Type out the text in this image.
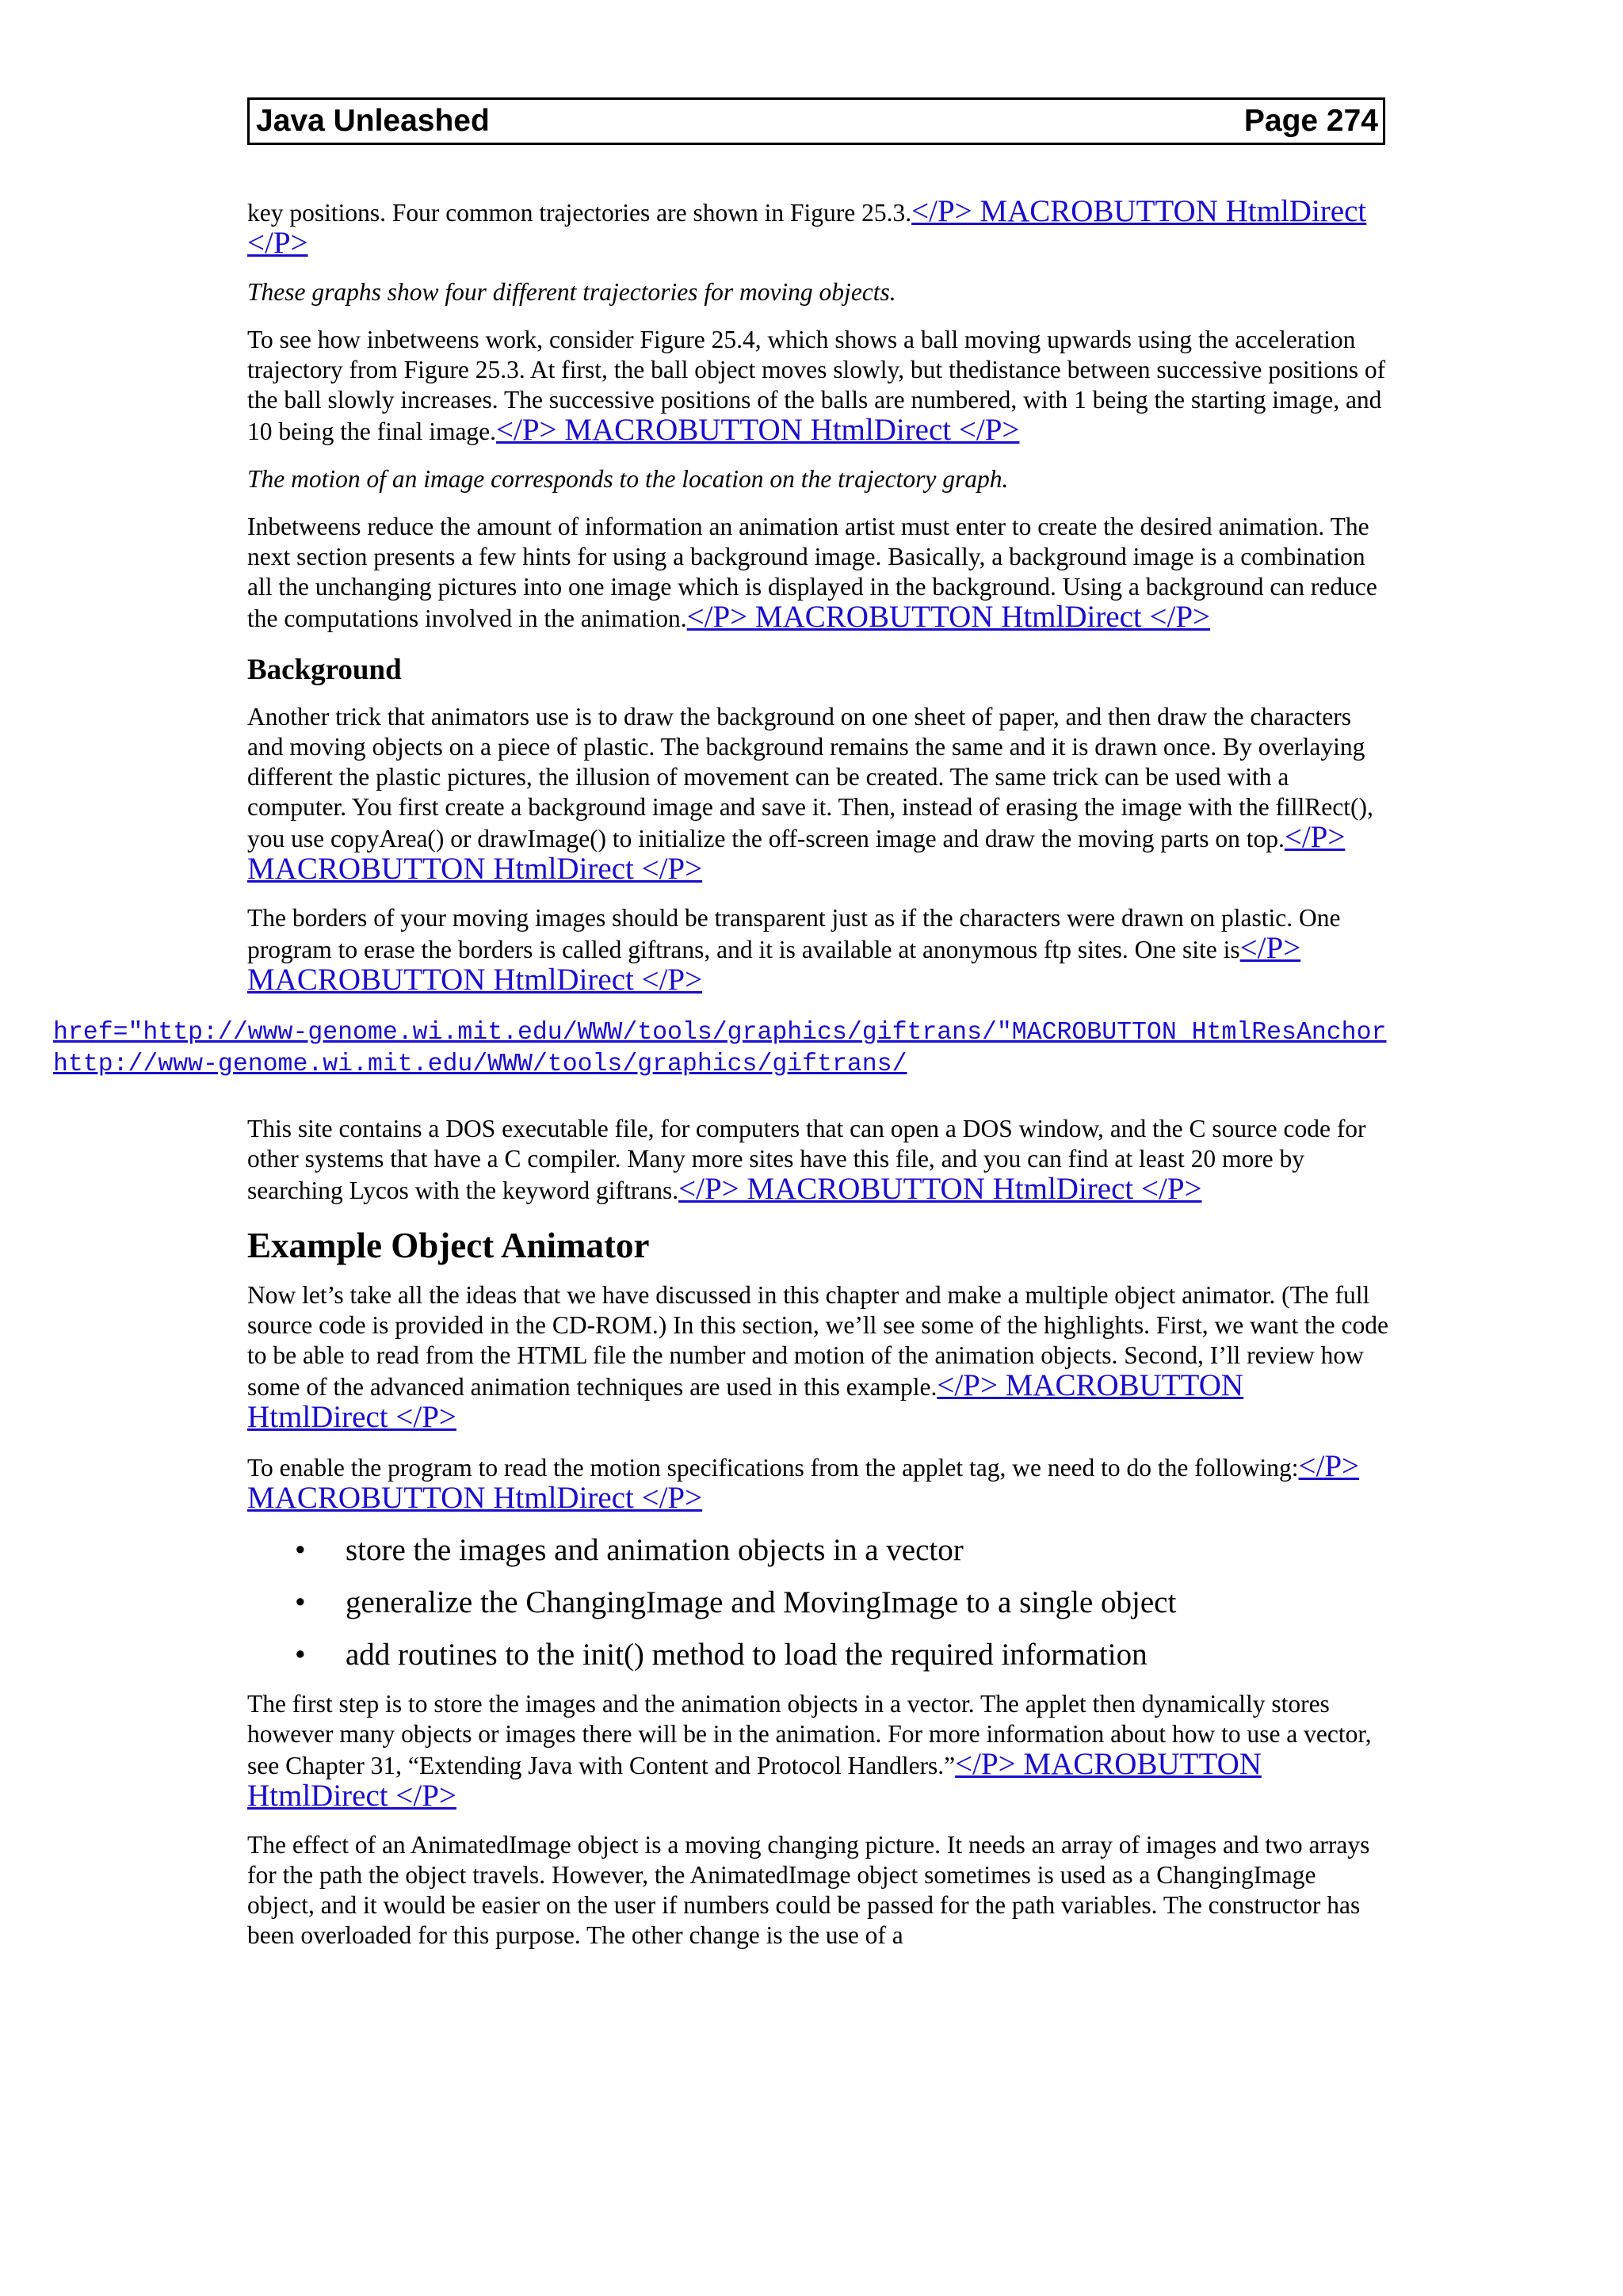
Java Unleashed	Page 274

key positions. Four common trajectories are shown in Figure 25.3.</P> MACROBUTTON HtmlDirect </P>

These graphs show four different trajectories for moving objects.

To see how inbetweens work, consider Figure 25.4, which shows a ball moving upwards using the acceleration trajectory from Figure 25.3. At first, the ball object moves slowly, but thedistance between successive positions of the ball slowly increases. The successive positions of the balls are numbered, with 1 being the starting image, and 10 being the final image.</P> MACROBUTTON HtmlDirect </P>

The motion of an image corresponds to the location on the trajectory graph.

Inbetweens reduce the amount of information an animation artist must enter to create the desired animation. The next section presents a few hints for using a background image. Basically, a background image is a combination all the unchanging pictures into one image which is displayed in the background. Using a background can reduce the computations involved in the animation.</P> MACROBUTTON HtmlDirect </P>

Background

Another trick that animators use is to draw the background on one sheet of paper, and then draw the characters and moving objects on a piece of plastic. The background remains the same and it is drawn once. By overlaying different the plastic pictures, the illusion of movement can be created. The same trick can be used with a computer. You first create a background image and save it. Then, instead of erasing the image with the fillRect(), you use copyArea() or drawImage() to initialize the off-screen image and draw the moving parts on top.</P> MACROBUTTON HtmlDirect </P>

The borders of your moving images should be transparent just as if the characters were drawn on plastic. One program to erase the borders is called giftrans, and it is available at anonymous ftp sites. One site is</P> MACROBUTTON HtmlDirect </P>

href="http://www-genome.wi.mit.edu/WWW/tools/graphics/giftrans/"MACROBUTTON HtmlResAnchor
http://www-genome.wi.mit.edu/WWW/tools/graphics/giftrans/

This site contains a DOS executable file, for computers that can open a DOS window, and the C source code for other systems that have a C compiler. Many more sites have this file, and you can find at least 20 more by searching Lycos with the keyword giftrans.</P> MACROBUTTON HtmlDirect </P>

Example Object Animator

Now let’s take all the ideas that we have discussed in this chapter and make a multiple object animator. (The full source code is provided in the CD-ROM.) In this section, we’ll see some of the highlights. First, we want the code to be able to read from the HTML file the number and motion of the animation objects. Second, I’ll review how some of the advanced animation techniques are used in this example.</P> MACROBUTTON HtmlDirect </P>

To enable the program to read the motion specifications from the applet tag, we need to do the following:</P> MACROBUTTON HtmlDirect </P>

• store the images and animation objects in a vector
• generalize the ChangingImage and MovingImage to a single object
• add routines to the init() method to load the required information

The first step is to store the images and the animation objects in a vector. The applet then dynamically stores however many objects or images there will be in the animation. For more information about how to use a vector, see Chapter 31, “Extending Java with Content and Protocol Handlers.”</P> MACROBUTTON HtmlDirect </P>

The effect of an AnimatedImage object is a moving changing picture. It needs an array of images and two arrays for the path the object travels. However, the AnimatedImage object sometimes is used as a ChangingImage object, and it would be easier on the user if numbers could be passed for the path variables. The constructor has been overloaded for this purpose. The other change is the use of a
